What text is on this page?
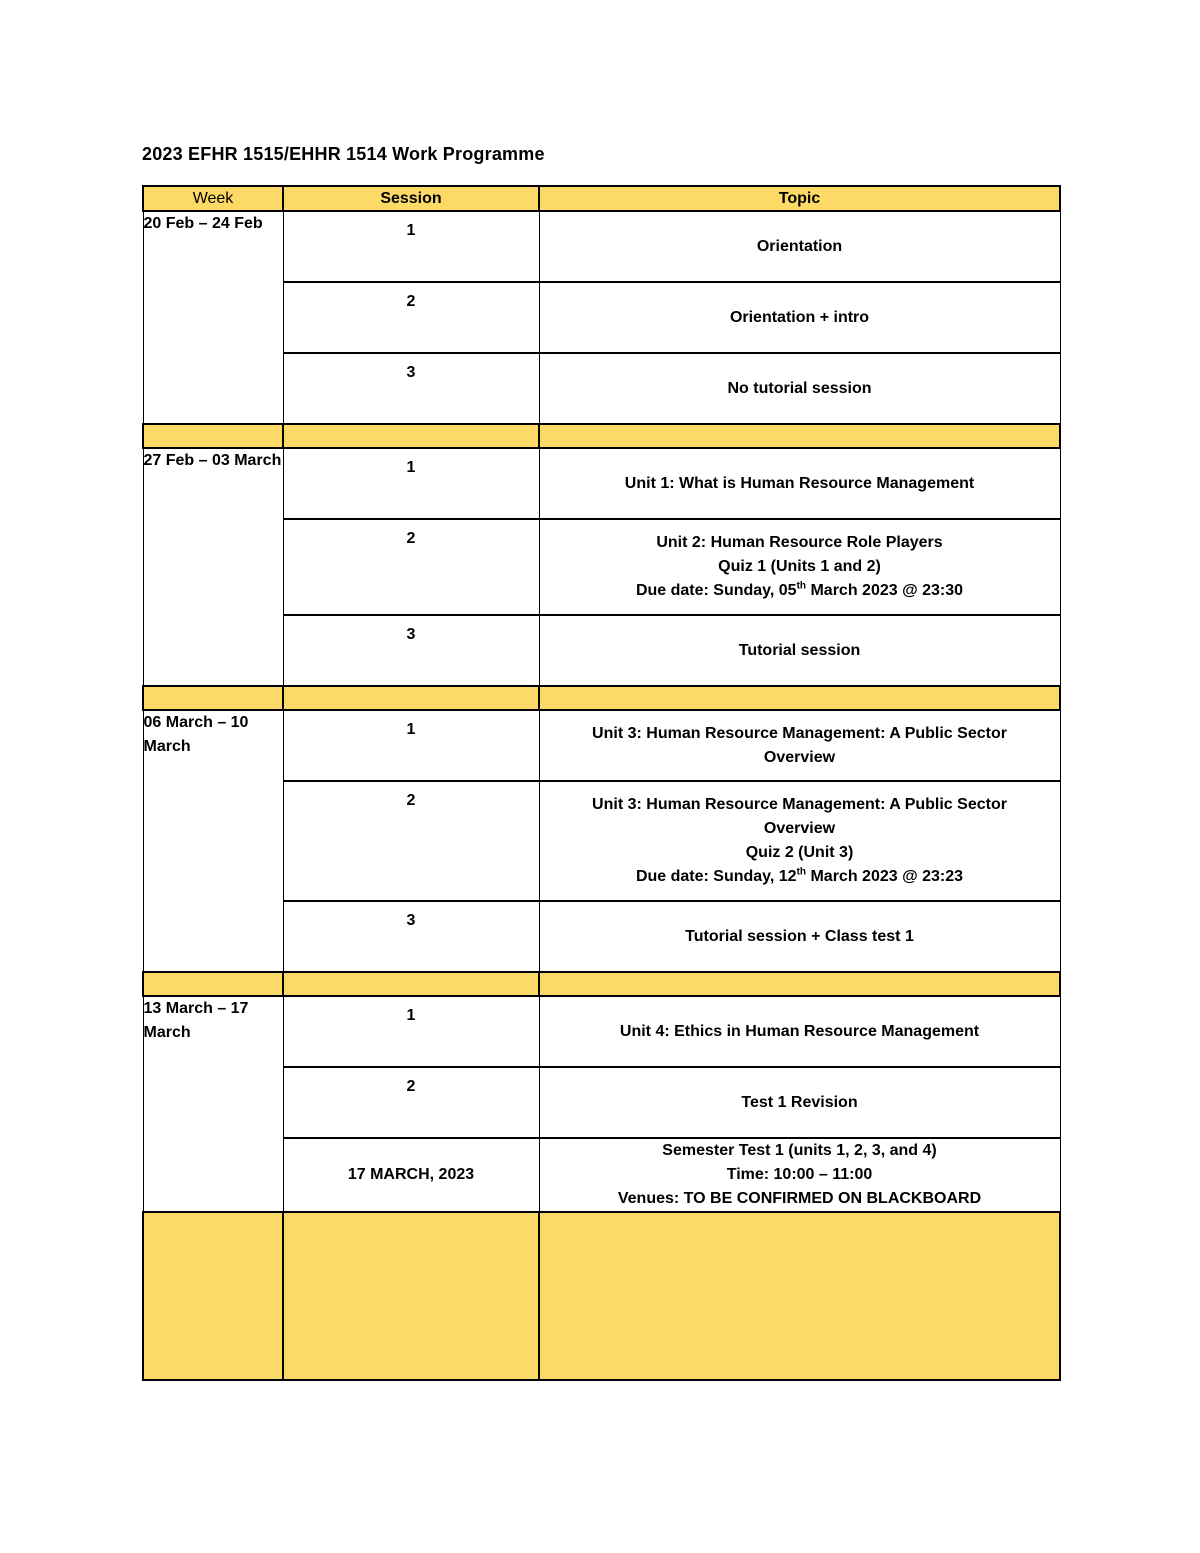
2023 EFHR 1515/EHHR 1514 Work Programme
Week	Session	Topic
20 Feb – 24 Feb	1	Orientation

	2	Orientation + intro

	3	No tutorial session

27 Feb – 03 March	1	Unit 1: What is Human Resource Management

	2	Unit 2: Human Resource Role Players
Quiz 1 (Units 1 and 2)
Due date: Sunday, 05th March 2023 @ 23:30

	3	Tutorial session

06 March – 10 March	1	Unit 3: Human Resource Management: A Public Sector Overview

	2	Unit 3: Human Resource Management: A Public Sector Overview
Quiz 2 (Unit 3)
Due date: Sunday, 12th March 2023 @ 23:23

	3	Tutorial session + Class test 1

13 March – 17 March	1	Unit 4: Ethics in Human Resource Management

	2	Test 1 Revision

	17 MARCH, 2023	Semester Test 1 (units 1, 2, 3, and 4)
Time: 10:00 – 11:00
Venues: TO BE CONFIRMED ON BLACKBOARD
